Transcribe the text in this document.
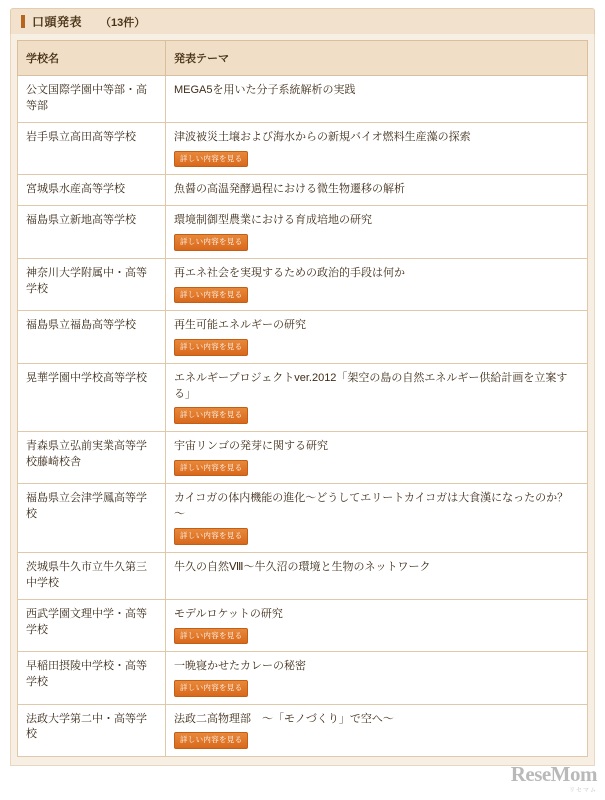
口頭発表 （13件）
学校名	発表テーマ
公文国際学園中等部・高等部	MEGA5を用いた分子系統解析の実践

岩手県立高田高等学校	津波被災土壌および海水からの新規バイオ燃料生産藻の探索
詳しい内容を見る
宮城県水産高等学校	魚醤の高温発酵過程における微生物遷移の解析

福島県立新地高等学校	環境制御型農業における育成培地の研究
詳しい内容を見る
神奈川大学附属中・高等学校	再エネ社会を実現するための政治的手段は何か
詳しい内容を見る
福島県立福島高等学校	再生可能エネルギーの研究
詳しい内容を見る
晃華学園中学校高等学校	エネルギープロジェクトver.2012「架空の島の自然エネルギー供給計画を立案する」
詳しい内容を見る
青森県立弘前実業高等学校藤崎校舎	宇宙リンゴの発芽に関する研究
詳しい内容を見る
福島県立会津学鳳高等学校	カイコガの体内機能の進化～どうしてエリートカイコガは大食漢になったのか？～
詳しい内容を見る
茨城県牛久市立牛久第三中学校	牛久の自然Ⅷ～牛久沼の環境と生物のネットワーク

西武学園文理中学・高等学校	モデルロケットの研究
詳しい内容を見る
早稲田摂陵中学校・高等学校	一晩寝かせたカレーの秘密
詳しい内容を見る
法政大学第二中・高等学校	法政二高物理部　～「モノづくり」で空へ～
詳しい内容を見る
ReseMom
リセマム
